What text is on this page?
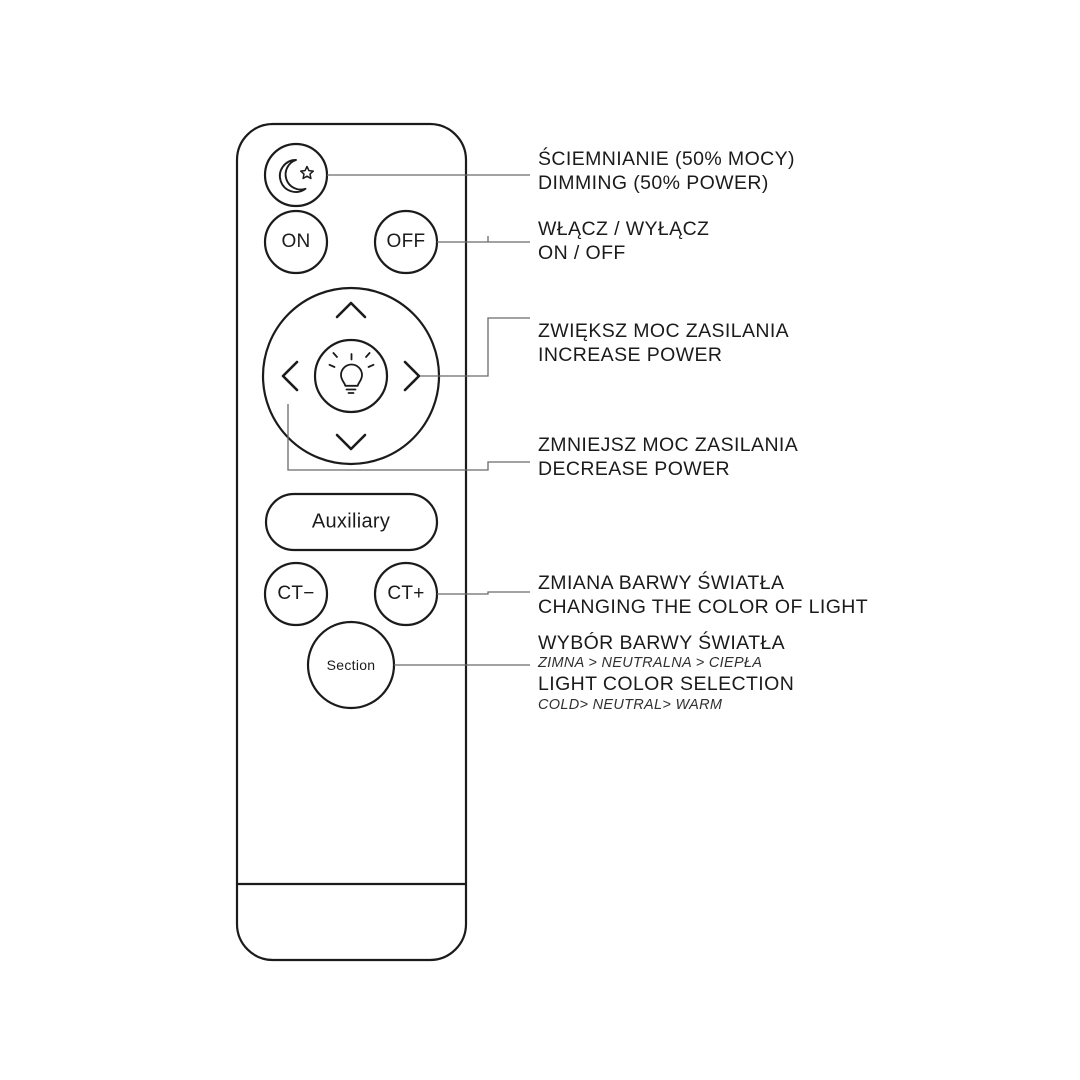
ON	OFF
Auxiliary
CT−	CT+
Section
ŚCIEMNIANIE (50% MOCY)
DIMMING (50% POWER)
WŁĄCZ / WYŁĄCZ
ON / OFF
ZWIĘKSZ MOC ZASILANIA
INCREASE POWER
ZMNIEJSZ MOC ZASILANIA
DECREASE POWER
ZMIANA BARWY ŚWIATŁA
CHANGING THE COLOR OF LIGHT
WYBÓR BARWY ŚWIATŁA
ZIMNA > NEUTRALNA > CIEPŁA
LIGHT COLOR SELECTION
COLD> NEUTRAL> WARM
